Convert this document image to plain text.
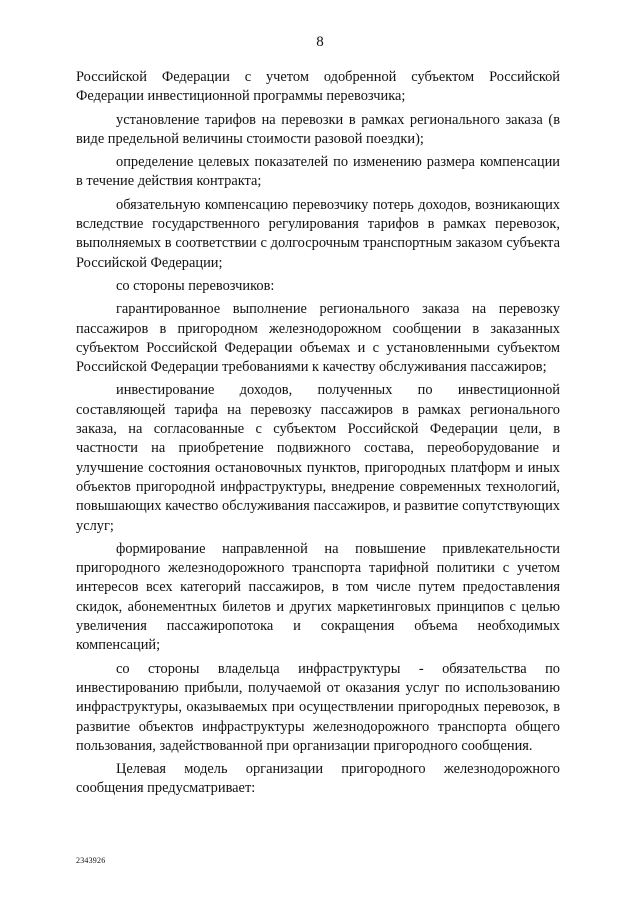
8

Российской Федерации с учетом одобренной субъектом Российской Федерации инвестиционной программы перевозчика;

установление тарифов на перевозки в рамках регионального заказа (в виде предельной величины стоимости разовой поездки);

определение целевых показателей по изменению размера компенсации в течение действия контракта;

обязательную компенсацию перевозчику потерь доходов, возникающих вследствие государственного регулирования тарифов в рамках перевозок, выполняемых в соответствии с долгосрочным транспортным заказом субъекта Российской Федерации;

со стороны перевозчиков:

гарантированное выполнение регионального заказа на перевозку пассажиров в пригородном железнодорожном сообщении в заказанных субъектом Российской Федерации объемах и с установленными субъектом Российской Федерации требованиями к качеству обслуживания пассажиров;

инвестирование доходов, полученных по инвестиционной составляющей тарифа на перевозку пассажиров в рамках регионального заказа, на согласованные с субъектом Российской Федерации цели, в частности на приобретение подвижного состава, переоборудование и улучшение состояния остановочных пунктов, пригородных платформ и иных объектов пригородной инфраструктуры, внедрение современных технологий, повышающих качество обслуживания пассажиров, и развитие сопутствующих услуг;

формирование направленной на повышение привлекательности пригородного железнодорожного транспорта тарифной политики с учетом интересов всех категорий пассажиров, в том числе путем предоставления скидок, абонементных билетов и других маркетинговых принципов с целью увеличения пассажиропотока и сокращения объема необходимых компенсаций;

со стороны владельца инфраструктуры - обязательства по инвестированию прибыли, получаемой от оказания услуг по использованию инфраструктуры, оказываемых при осуществлении пригородных перевозок, в развитие объектов инфраструктуры железнодорожного транспорта общего пользования, задействованной при организации пригородного сообщения.

Целевая модель организации пригородного железнодорожного сообщения предусматривает:

2343926
